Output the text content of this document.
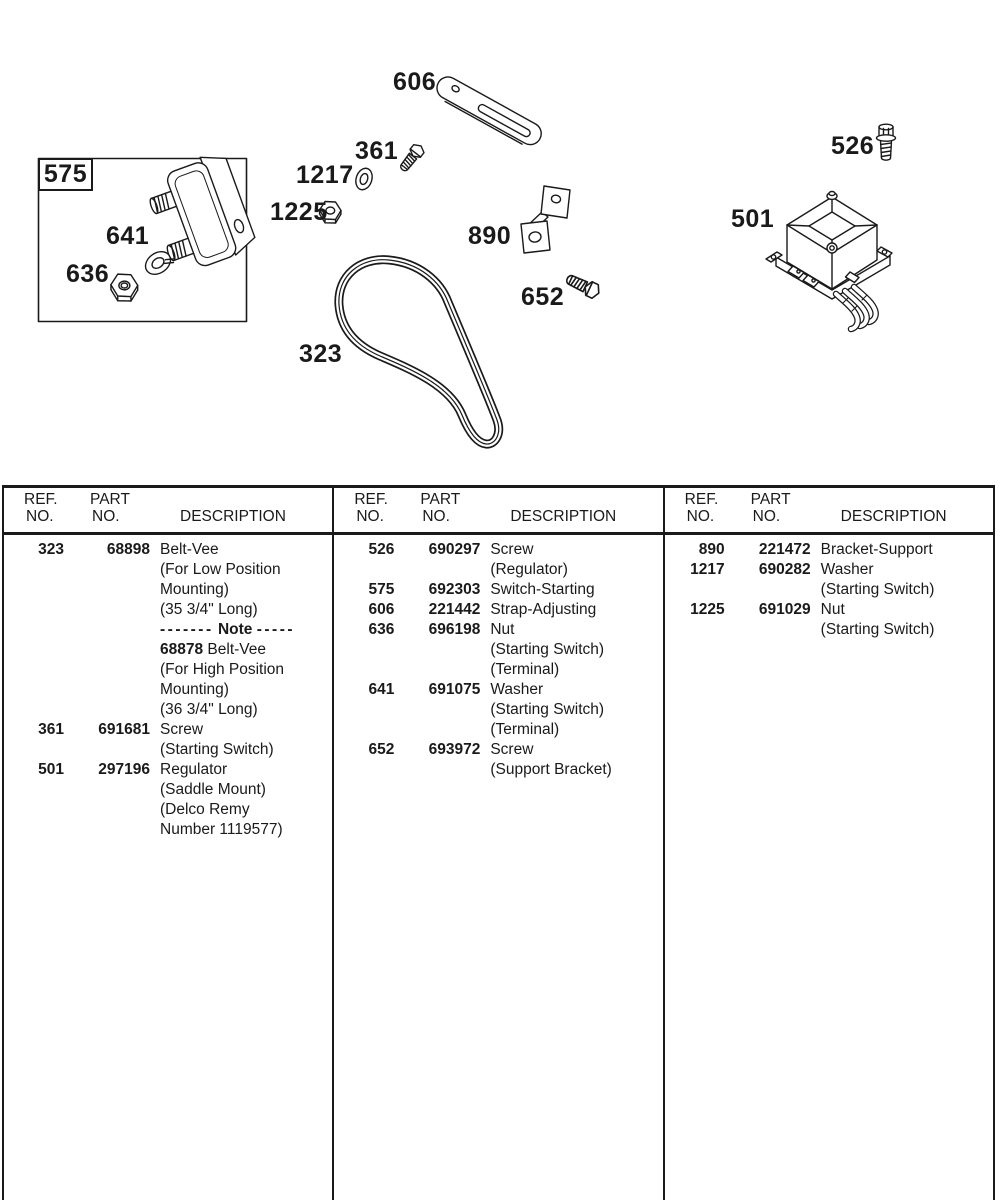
606
361
1217
1225
575
641
636
890
652
526
501
323
REF.
NO.
PART
NO.	DESCRIPTION
323	68898 Belt-Vee
(For Low Position
Mounting)
(35 3/4" Long)
------- Note -----
68878 Belt-Vee
(For High Position
Mounting)
(36 3/4" Long)
361	691681 Screw
(Starting Switch)
501	297196 Regulator
(Saddle Mount)
(Delco Remy
Number 1119577)
REF.
NO.
PART
NO.	DESCRIPTION
526	690297 Screw
(Regulator)
575	692303 Switch-Starting
606	221442 Strap-Adjusting
636	696198 Nut
(Starting Switch)
(Terminal)
641	691075 Washer
(Starting Switch)
(Terminal)
652	693972 Screw
(Support Bracket)
REF.
NO.
PART
NO.	DESCRIPTION
890	221472 Bracket-Support
1217	690282 Washer
(Starting Switch)
1225	691029 Nut
(Starting Switch)
